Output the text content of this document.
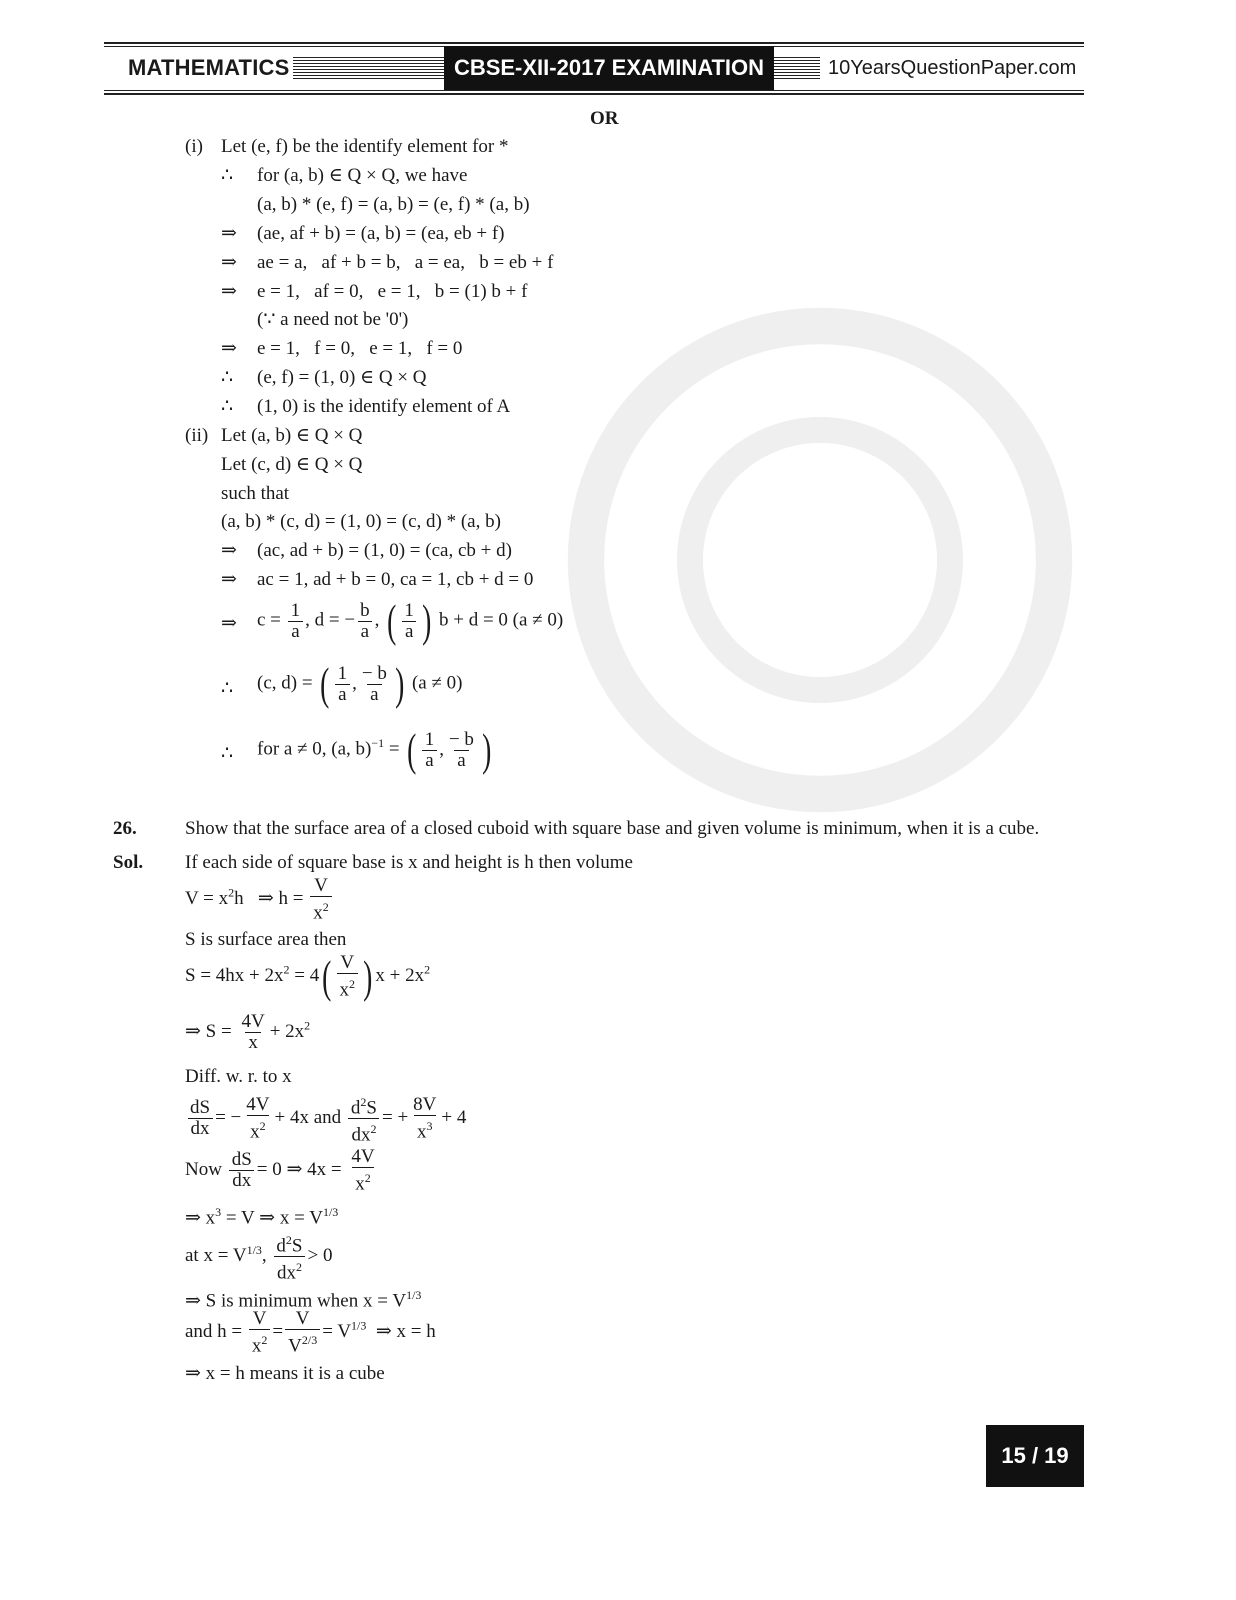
MATHEMATICS	CBSE-XII-2017 EXAMINATION	10YearsQuestionPaper.com
OR
(i) Let (e, f) be the identify element for *
∴ for (a, b) ∈ Q × Q, we have
(a, b) * (e, f) = (a, b) = (e, f) * (a, b)
⇒ (ae, af + b) = (a, b) = (ea, eb + f)
⇒ ae = a,   af + b = b,   a = ea,   b = eb + f
⇒ e = 1,   af = 0,   e = 1,   b = (1) b + f
(∵ a need not be '0')
⇒ e = 1,   f = 0,   e = 1,   f = 0
∴ (e, f) = (1, 0) ∈ Q × Q
∴ (1, 0) is the identify element of A
(ii) Let (a, b) ∈ Q × Q
Let (c, d) ∈ Q × Q
such that
(a, b) * (c, d) = (1, 0) = (c, d) * (a, b)
⇒ (ac, ad + b) = (1, 0) = (ca, cb + d)
⇒ ac = 1, ad + b = 0, ca = 1, cb + d = 0
⇒ $c = \frac{1}{a}$ , d = − $\frac{b}{a}$ , ( 1
a ) b + d = 0 (a ≠ 0)
∴ (c, d) = ( 1
a , − b
a ) (a ≠ 0)
∴ for a ≠ 0, (a, b)$^{-1}$ = ( 1
a , − b
a )
26.	Show that the surface area of a closed cuboid with square base and given volume is minimum, when it is a cube.
Sol. If each side of square base is x and height is h then volume
$V = x^2h$   ⇒ $h = \frac{V}{x^2}$
S is surface area then
$S = 4hx + 2x^2 = 4$ ( V
$x^2$ ) $x + 2x^2$
⇒ $S = \frac{4V}{x} + 2x^2$
Diff. w. r. to x
$\frac{dS}{dx}$ = − $\frac{4V}{x^2} + 4x$ and $\frac{d^2S}{dx^2}$ = + $\frac{8V}{x^3} + 4$
Now $\frac{dS}{dx} = 0$ ⇒ $4x = \frac{4V}{x^2}$
⇒ $x^3 = V$ ⇒ $x = V^{1/3}$
at $x = V^{1/3}$, $\frac{d^2S}{dx^2} > 0$
⇒ S is minimum when $x = V^{1/3}$
and $h = \frac{V}{x^2} = \frac{V}{V^{2/3}} = V^{1/3}$  ⇒ x = h
⇒ x = h means it is a cube
15 / 19
